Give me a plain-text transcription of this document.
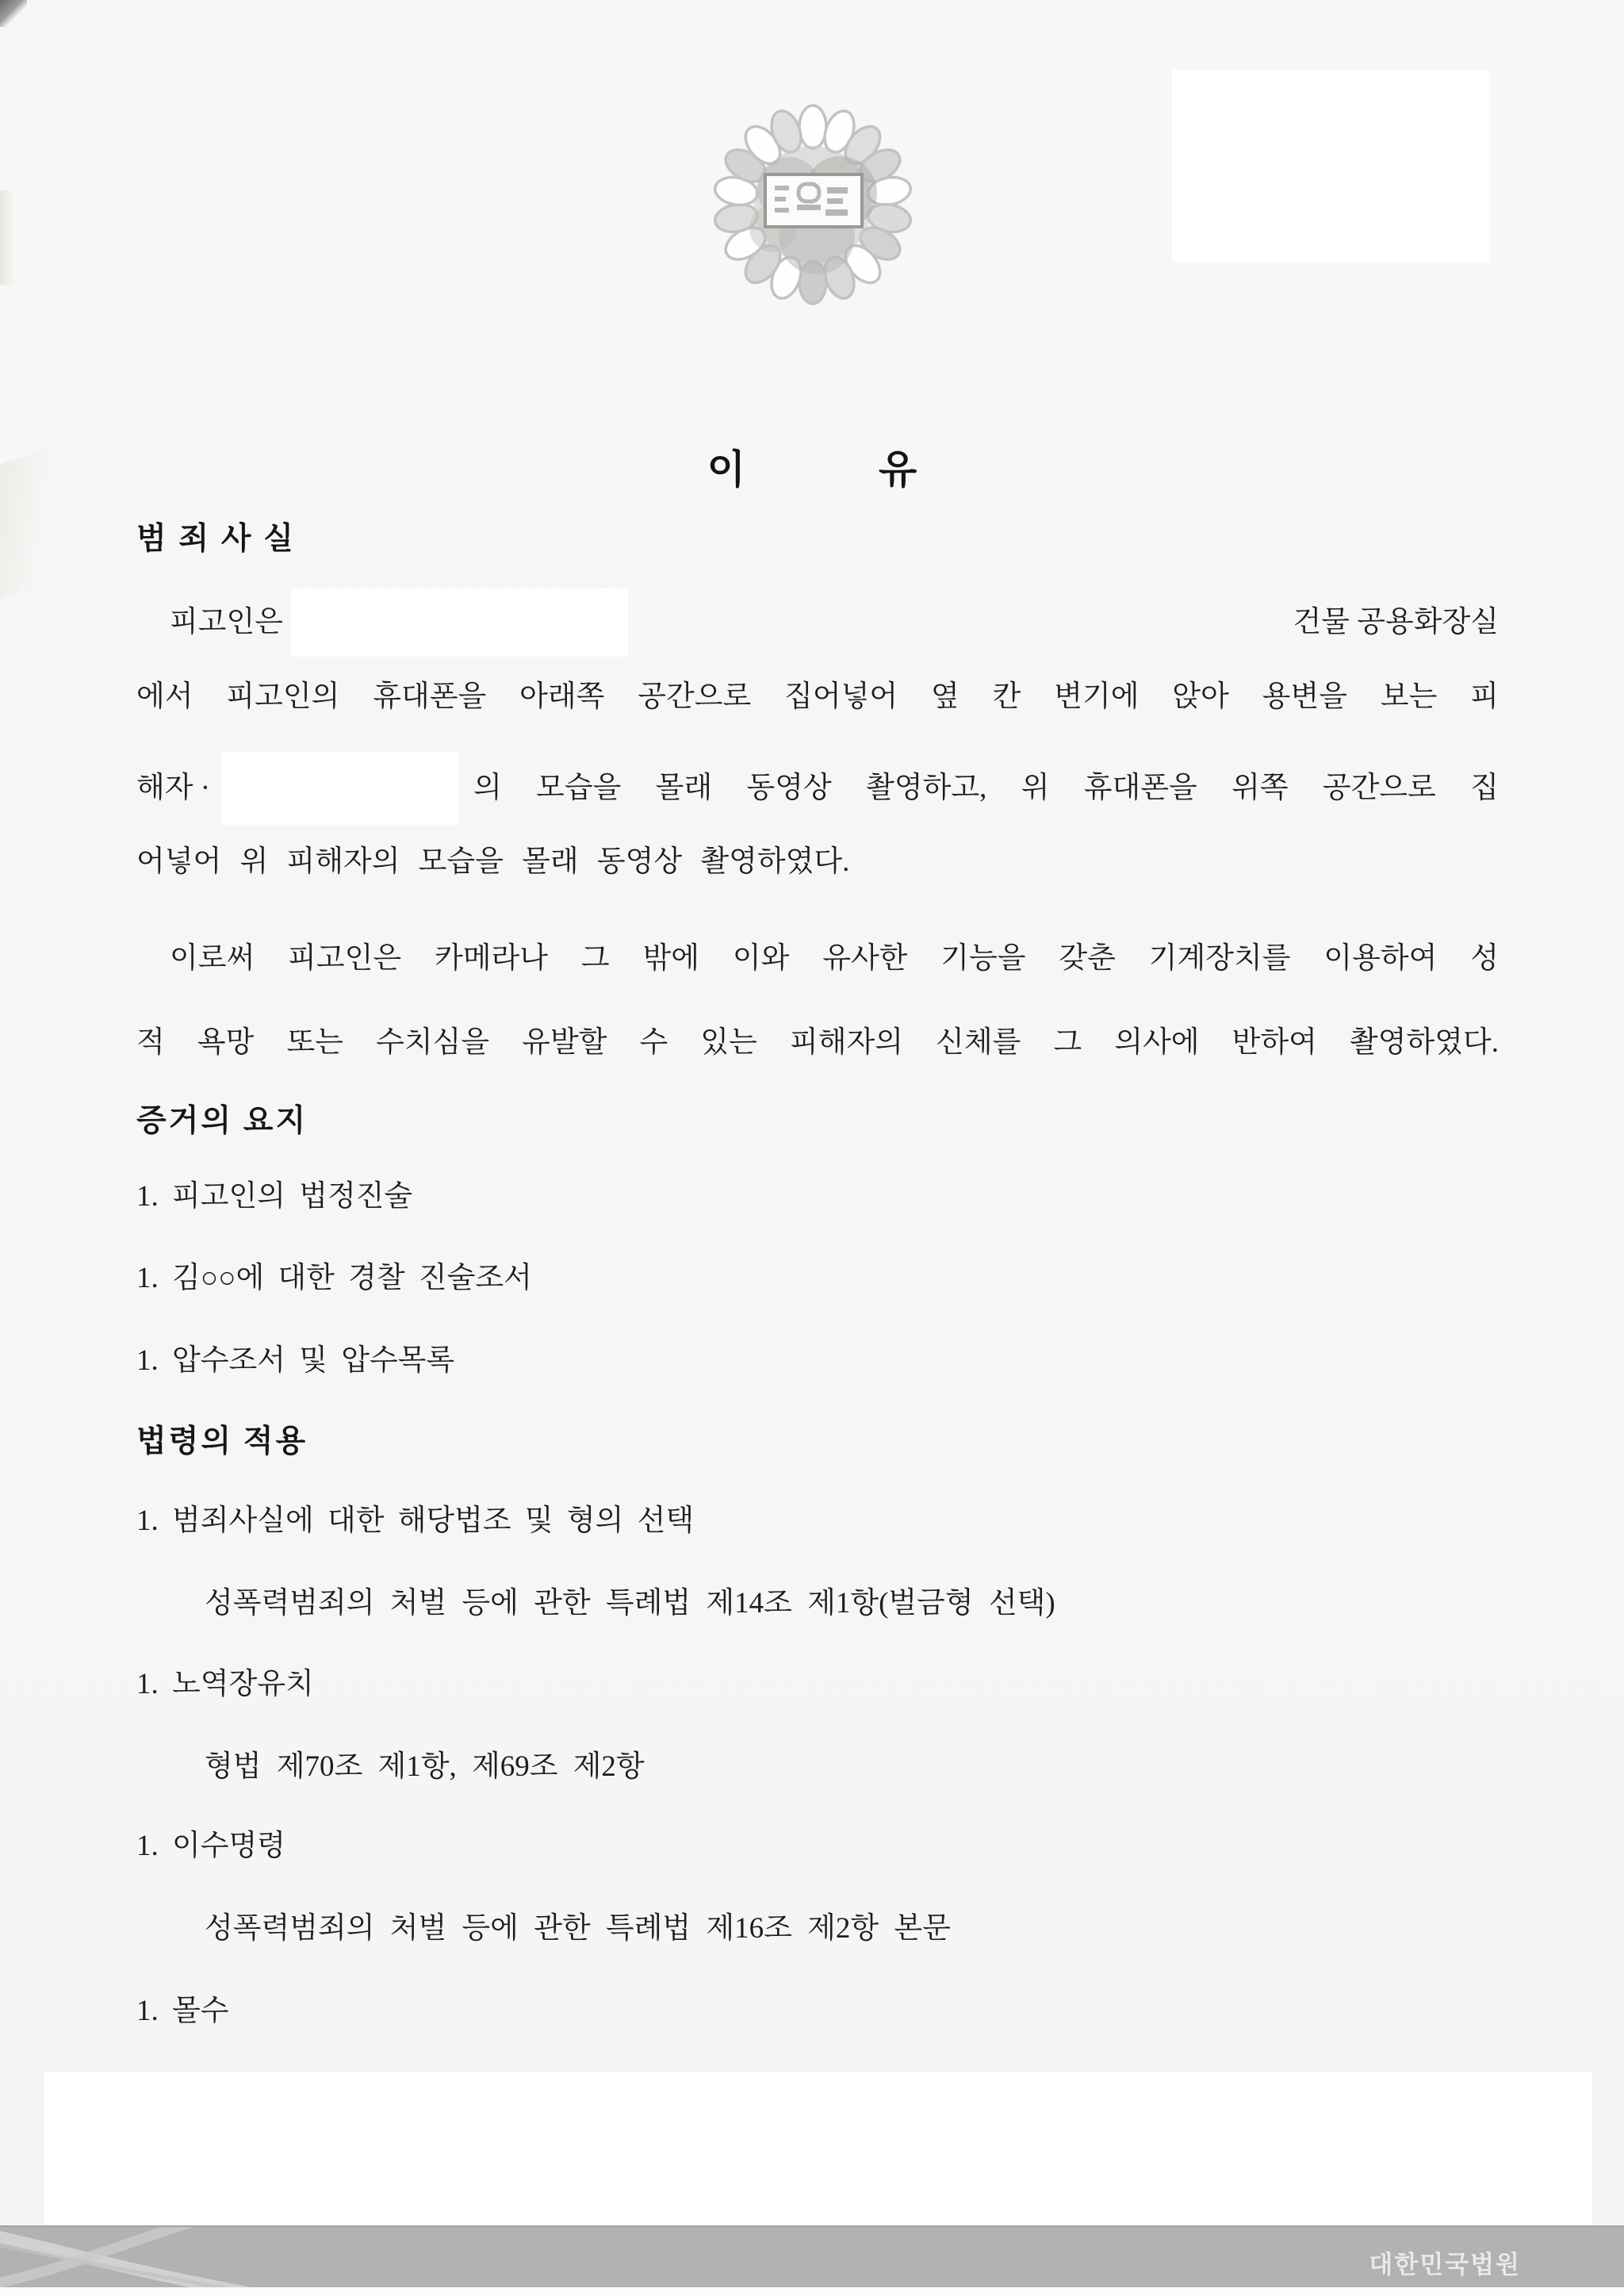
이	유
범 죄 사 실
피고인은	건물 공용화장실
에서 피고인의 휴대폰을 아래쪽 공간으로 집어넣어 옆 칸 변기에 앉아 용변을 보는 피
해자 ·	의 모습을 몰래 동영상 촬영하고, 위 휴대폰을 위쪽 공간으로 집
어넣어 위 피해자의 모습을 몰래 동영상 촬영하였다.
이로써 피고인은 카메라나 그 밖에 이와 유사한 기능을 갖춘 기계장치를 이용하여 성
적 욕망 또는 수치심을 유발할 수 있는 피해자의 신체를 그 의사에 반하여 촬영하였다.
증거의 요지
1. 피고인의 법정진술
1. 김○○에 대한 경찰 진술조서
1. 압수조서 및 압수목록
법령의 적용
1. 범죄사실에 대한 해당법조 및 형의 선택
성폭력범죄의 처벌 등에 관한 특례법 제14조 제1항(벌금형 선택)
1. 노역장유치
형법 제70조 제1항, 제69조 제2항
1. 이수명령
성폭력범죄의 처벌 등에 관한 특례법 제16조 제2항 본문
1. 몰수
대한민국법원
